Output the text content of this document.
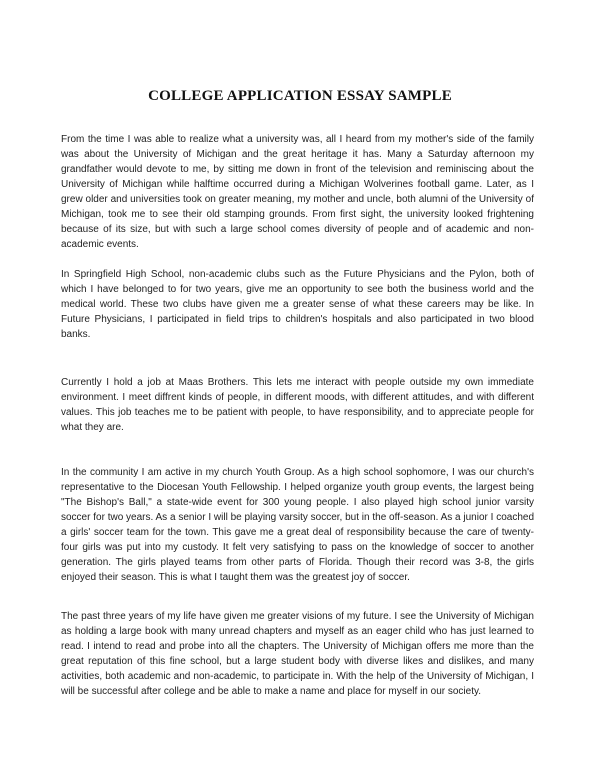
COLLEGE APPLICATION ESSAY SAMPLE

From the time I was able to realize what a university was, all I heard from my mother's side of the family was about the University of Michigan and the great heritage it has. Many a Saturday afternoon my grandfather would devote to me, by sitting me down in front of the television and reminiscing about the University of Michigan while halftime occurred during a Michigan Wolverines football game. Later, as I grew older and universities took on greater meaning, my mother and uncle, both alumni of the University of Michigan, took me to see their old stamping grounds. From first sight, the university looked frightening because of its size, but with such a large school comes diversity of people and of academic and non-academic events.

In Springfield High School, non-academic clubs such as the Future Physicians and the Pylon, both of which I have belonged to for two years, give me an opportunity to see both the business world and the medical world. These two clubs have given me a greater sense of what these careers may be like. In Future Physicians, I participated in field trips to children's hospitals and also participated in two blood banks.

Currently I hold a job at Maas Brothers. This lets me interact with people outside my own immediate environment. I meet diffrent kinds of people, in different moods, with different attitudes, and with different values. This job teaches me to be patient with people, to have responsibility, and to appreciate people for what they are.

In the community I am active in my church Youth Group. As a high school sophomore, I was our church's representative to the Diocesan Youth Fellowship. I helped organize youth group events, the largest being "The Bishop's Ball," a state-wide event for 300 young people. I also played high school junior varsity soccer for two years. As a senior I will be playing varsity soccer, but in the off-season. As a junior I coached a girls' soccer team for the town. This gave me a great deal of responsibility because the care of twenty-four girls was put into my custody. It felt very satisfying to pass on the knowledge of soccer to another generation. The girls played teams from other parts of Florida. Though their record was 3-8, the girls enjoyed their season. This is what I taught them was the greatest joy of soccer.

The past three years of my life have given me greater visions of my future. I see the University of Michigan as holding a large book with many unread chapters and myself as an eager child who has just learned to read. I intend to read and probe into all the chapters. The University of Michigan offers me more than the great reputation of this fine school, but a large student body with diverse likes and dislikes, and many activities, both academic and non-academic, to participate in. With the help of the University of Michigan, I will be successful after college and be able to make a name and place for myself in our society.
